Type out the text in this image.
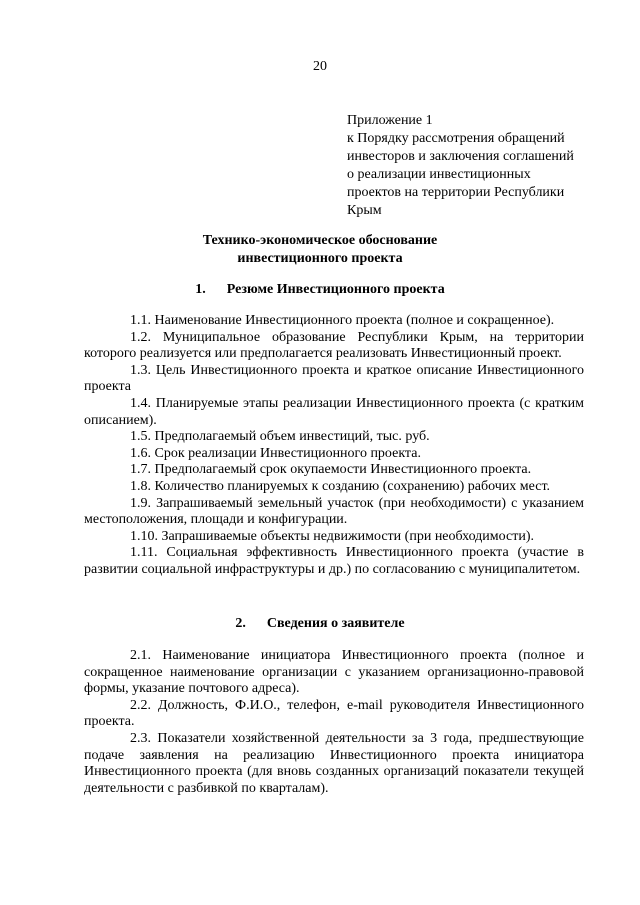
20
Приложение 1
к Порядку рассмотрения обращений
инвесторов и заключения соглашений
о реализации инвестиционных
проектов на территории Республики
Крым
Технико-экономическое обоснование
инвестиционного проекта
1. Резюме Инвестиционного проекта

1.1. Наименование Инвестиционного проекта (полное и сокращенное).

1.2. Муниципальное образование Республики Крым, на территории которого реализуется или предполагается реализовать Инвестиционный проект.

1.3. Цель Инвестиционного проекта и краткое описание Инвестиционного проекта

1.4. Планируемые этапы реализации Инвестиционного проекта (с кратким описанием).

1.5. Предполагаемый объем инвестиций, тыс. руб.

1.6. Срок реализации Инвестиционного проекта.

1.7. Предполагаемый срок окупаемости Инвестиционного проекта.

1.8. Количество планируемых к созданию (сохранению) рабочих мест.

1.9. Запрашиваемый земельный участок (при необходимости) с указанием местоположения, площади и конфигурации.

1.10. Запрашиваемые объекты недвижимости (при необходимости).

1.11. Социальная эффективность Инвестиционного проекта (участие в развитии социальной инфраструктуры и др.) по согласованию с муниципалитетом.

2. Сведения о заявителе

2.1. Наименование инициатора Инвестиционного проекта (полное и сокращенное наименование организации с указанием организационно-правовой формы, указание почтового адреса).

2.2. Должность, Ф.И.О., телефон, e-mail руководителя Инвестиционного проекта.

2.3. Показатели хозяйственной деятельности за 3 года, предшествующие подаче заявления на реализацию Инвестиционного проекта инициатора Инвестиционного проекта (для вновь созданных организаций показатели текущей деятельности с разбивкой по кварталам).
